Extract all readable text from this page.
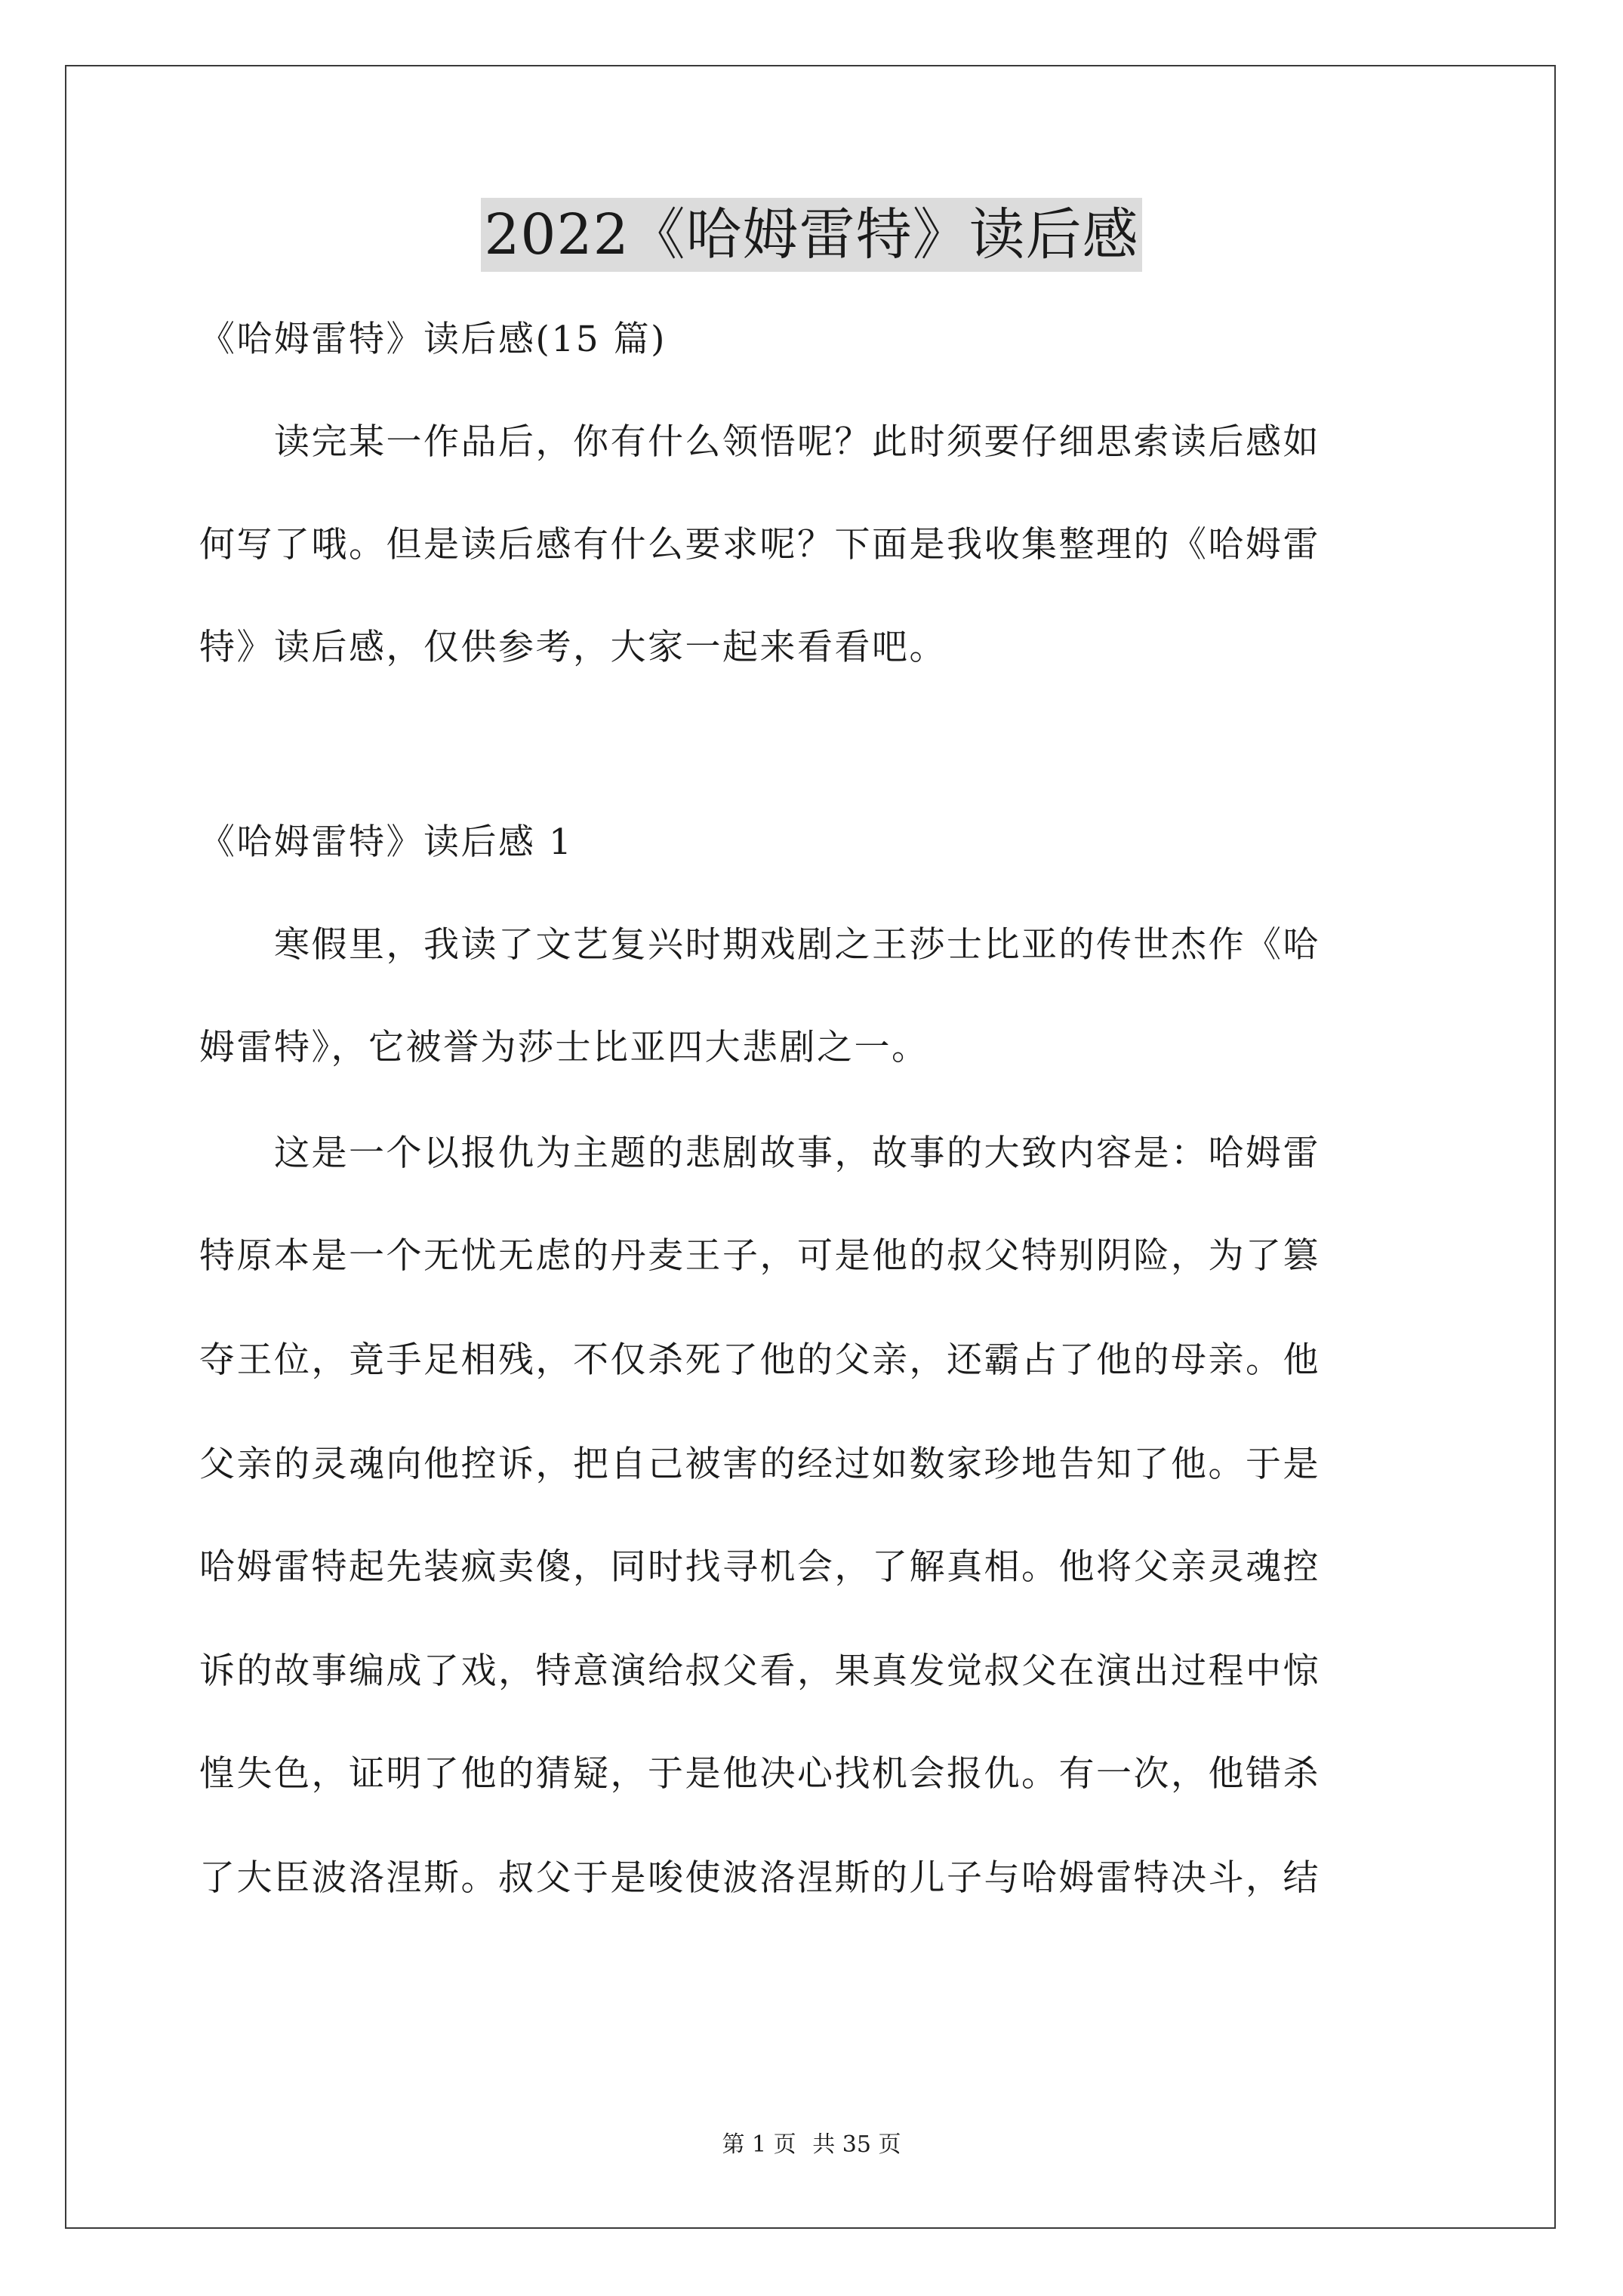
2022《哈姆雷特》读后感
《哈姆雷特》读后感(15 篇)
　　读完某一作品后，你有什么领悟呢？此时须要仔细思索读后感如
何写了哦。但是读后感有什么要求呢？下面是我收集整理的《哈姆雷
特》读后感，仅供参考，大家一起来看看吧。
《哈姆雷特》读后感 1
　　寒假里，我读了文艺复兴时期戏剧之王莎士比亚的传世杰作《哈
姆雷特》，它被誉为莎士比亚四大悲剧之一。
　　这是一个以报仇为主题的悲剧故事，故事的大致内容是：哈姆雷
特原本是一个无忧无虑的丹麦王子，可是他的叔父特别阴险，为了篡
夺王位，竟手足相残，不仅杀死了他的父亲，还霸占了他的母亲。他
父亲的灵魂向他控诉，把自己被害的经过如数家珍地告知了他。于是
哈姆雷特起先装疯卖傻，同时找寻机会，了解真相。他将父亲灵魂控
诉的故事编成了戏，特意演给叔父看，果真发觉叔父在演出过程中惊
惶失色，证明了他的猜疑，于是他决心找机会报仇。有一次，他错杀
了大臣波洛涅斯。叔父于是唆使波洛涅斯的儿子与哈姆雷特决斗，结
第 1 页 共 35 页
